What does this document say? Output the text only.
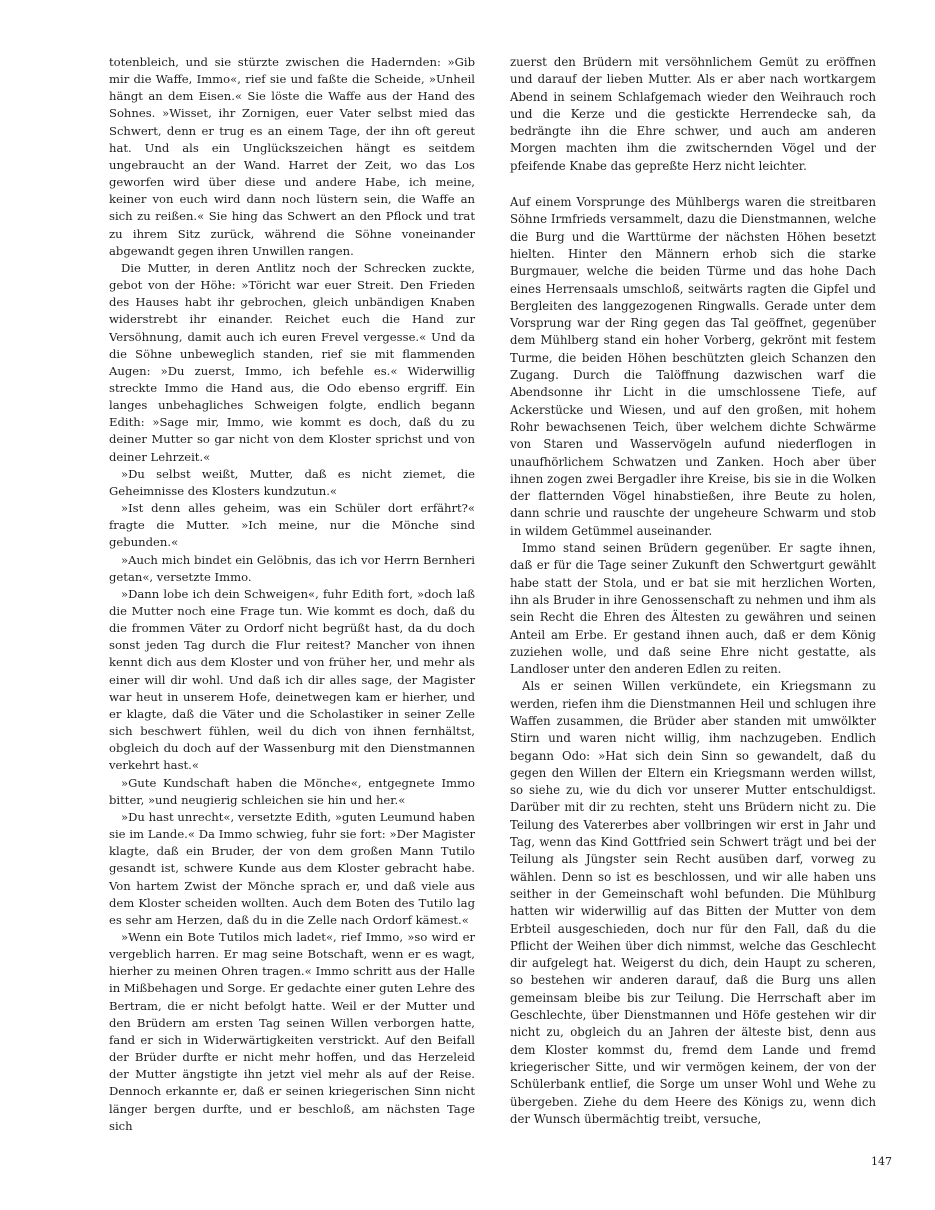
totenbleich, und sie stürzte zwischen die Hadernden: »Gib mir die Waffe, Immo«, rief sie und faßte die Scheide, »Unheil hängt an dem Eisen.« Sie löste die Waffe aus der Hand des Sohnes. »Wisset, ihr Zornigen, euer Vater selbst mied das Schwert, denn er trug es an einem Tage, der ihn oft gereut hat. Und als ein Unglückszeichen hängt es seitdem ungebraucht an der Wand. Harret der Zeit, wo das Los geworfen wird über diese und andere Habe, ich meine, keiner von euch wird dann noch lüstern sein, die Waffe an sich zu reißen.« Sie hing das Schwert an den Pflock und trat zu ihrem Sitz zurück, während die Söhne voneinander abgewandt gegen ihren Unwillen rangen.

Die Mutter, in deren Antlitz noch der Schrecken zuckte, gebot von der Höhe: »Töricht war euer Streit. Den Frieden des Hauses habt ihr gebrochen, gleich unbändigen Knaben widerstrebt ihr einander. Reichet euch die Hand zur Versöhnung, damit auch ich euren Frevel vergesse.« Und da die Söhne unbeweglich standen, rief sie mit flammenden Augen: »Du zuerst, Immo, ich befehle es.« Widerwillig streckte Immo die Hand aus, die Odo ebenso ergriff. Ein langes unbehagliches Schweigen folgte, endlich begann Edith: »Sage mir, Immo, wie kommt es doch, daß du zu deiner Mutter so gar nicht von dem Kloster sprichst und von deiner Lehrzeit.«

»Du selbst weißt, Mutter, daß es nicht ziemet, die Geheimnisse des Klosters kundzutun.«

»Ist denn alles geheim, was ein Schüler dort erfährt?« fragte die Mutter. »Ich meine, nur die Mönche sind gebunden.«

»Auch mich bindet ein Gelöbnis, das ich vor Herrn Bernheri getan«, versetzte Immo.

»Dann lobe ich dein Schweigen«, fuhr Edith fort, »doch laß die Mutter noch eine Frage tun. Wie kommt es doch, daß du die frommen Väter zu Ordorf nicht begrüßt hast, da du doch sonst jeden Tag durch die Flur reitest? Mancher von ihnen kennt dich aus dem Kloster und von früher her, und mehr als einer will dir wohl. Und daß ich dir alles sage, der Magister war heut in unserem Hofe, deinetwegen kam er hierher, und er klagte, daß die Väter und die Scholastiker in seiner Zelle sich beschwert fühlen, weil du dich von ihnen fernhältst, obgleich du doch auf der Wassenburg mit den Dienstmannen verkehrt hast.«

»Gute Kundschaft haben die Mönche«, entgegnete Immo bitter, »und neugierig schleichen sie hin und her.«

»Du hast unrecht«, versetzte Edith, »guten Leumund haben sie im Lande.« Da Immo schwieg, fuhr sie fort: »Der Magister klagte, daß ein Bruder, der von dem großen Mann Tutilo gesandt ist, schwere Kunde aus dem Kloster gebracht habe. Von hartem Zwist der Mönche sprach er, und daß viele aus dem Kloster scheiden wollten. Auch dem Boten des Tutilo lag es sehr am Herzen, daß du in die Zelle nach Ordorf kämest.«

»Wenn ein Bote Tutilos mich ladet«, rief Immo, »so wird er vergeblich harren. Er mag seine Botschaft, wenn er es wagt, hierher zu meinen Ohren tragen.« Immo schritt aus der Halle in Mißbehagen und Sorge. Er gedachte einer guten Lehre des Bertram, die er nicht befolgt hatte. Weil er der Mutter und den Brüdern am ersten Tag seinen Willen verborgen hatte, fand er sich in Widerwärtigkeiten verstrickt. Auf den Beifall der Brüder durfte er nicht mehr hoffen, und das Herzeleid der Mutter ängstigte ihn jetzt viel mehr als auf der Reise. Dennoch erkannte er, daß er seinen kriegerischen Sinn nicht länger bergen durfte, und er beschloß, am nächsten Tage sich

zuerst den Brüdern mit versöhnlichem Gemüt zu eröffnen und darauf der lieben Mutter. Als er aber nach wortkargem Abend in seinem Schlafgemach wieder den Weihrauch roch und die Kerze und die gestickte Herrendecke sah, da bedrängte ihn die Ehre schwer, und auch am anderen Morgen machten ihm die zwitschernden Vögel und der pfeifende Knabe das gepreßte Herz nicht leichter.

Auf einem Vorsprunge des Mühlbergs waren die streitbaren Söhne Irmfrieds versammelt, dazu die Dienstmannen, welche die Burg und die Warttürme der nächsten Höhen besetzt hielten. Hinter den Männern erhob sich die starke Burgmauer, welche die beiden Türme und das hohe Dach eines Herrensaals umschloß, seitwärts ragten die Gipfel und Bergleiten des langgezogenen Ringwalls. Gerade unter dem Vorsprung war der Ring gegen das Tal geöffnet, gegenüber dem Mühlberg stand ein hoher Vorberg, gekrönt mit festem Turme, die beiden Höhen beschützten gleich Schanzen den Zugang. Durch die Talöffnung dazwischen warf die Abendsonne ihr Licht in die umschlossene Tiefe, auf Ackerstücke und Wiesen, und auf den großen, mit hohem Rohr bewachsenen Teich, über welchem dichte Schwärme von Staren und Wasservögeln aufund niederflogen in unaufhörlichem Schwatzen und Zanken. Hoch aber über ihnen zogen zwei Bergadler ihre Kreise, bis sie in die Wolken der flatternden Vögel hinabstießen, ihre Beute zu holen, dann schrie und rauschte der ungeheure Schwarm und stob in wildem Getümmel auseinander.

Immo stand seinen Brüdern gegenüber. Er sagte ihnen, daß er für die Tage seiner Zukunft den Schwertgurt gewählt habe statt der Stola, und er bat sie mit herzlichen Worten, ihn als Bruder in ihre Genossenschaft zu nehmen und ihm als sein Recht die Ehren des Ältesten zu gewähren und seinen Anteil am Erbe. Er gestand ihnen auch, daß er dem König zuziehen wolle, und daß seine Ehre nicht gestatte, als Landloser unter den anderen Edlen zu reiten.

Als er seinen Willen verkündete, ein Kriegsmann zu werden, riefen ihm die Dienstmannen Heil und schlugen ihre Waffen zusammen, die Brüder aber standen mit umwölkter Stirn und waren nicht willig, ihm nachzugeben. Endlich begann Odo: »Hat sich dein Sinn so gewandelt, daß du gegen den Willen der Eltern ein Kriegsmann werden willst, so siehe zu, wie du dich vor unserer Mutter entschuldigst. Darüber mit dir zu rechten, steht uns Brüdern nicht zu. Die Teilung des Vatererbes aber vollbringen wir erst in Jahr und Tag, wenn das Kind Gottfried sein Schwert trägt und bei der Teilung als Jüngster sein Recht ausüben darf, vorweg zu wählen. Denn so ist es beschlossen, und wir alle haben uns seither in der Gemeinschaft wohl befunden. Die Mühlburg hatten wir widerwillig auf das Bitten der Mutter von dem Erbteil ausgeschieden, doch nur für den Fall, daß du die Pflicht der Weihen über dich nimmst, welche das Geschlecht dir aufgelegt hat. Weigerst du dich, dein Haupt zu scheren, so bestehen wir anderen darauf, daß die Burg uns allen gemeinsam bleibe bis zur Teilung. Die Herrschaft aber im Geschlechte, über Dienstmannen und Höfe gestehen wir dir nicht zu, obgleich du an Jahren der älteste bist, denn aus dem Kloster kommst du, fremd dem Lande und fremd kriegerischer Sitte, und wir vermögen keinem, der von der Schülerbank entlief, die Sorge um unser Wohl und Wehe zu übergeben. Ziehe du dem Heere des Königs zu, wenn dich der Wunsch übermächtig treibt, versuche,

147
